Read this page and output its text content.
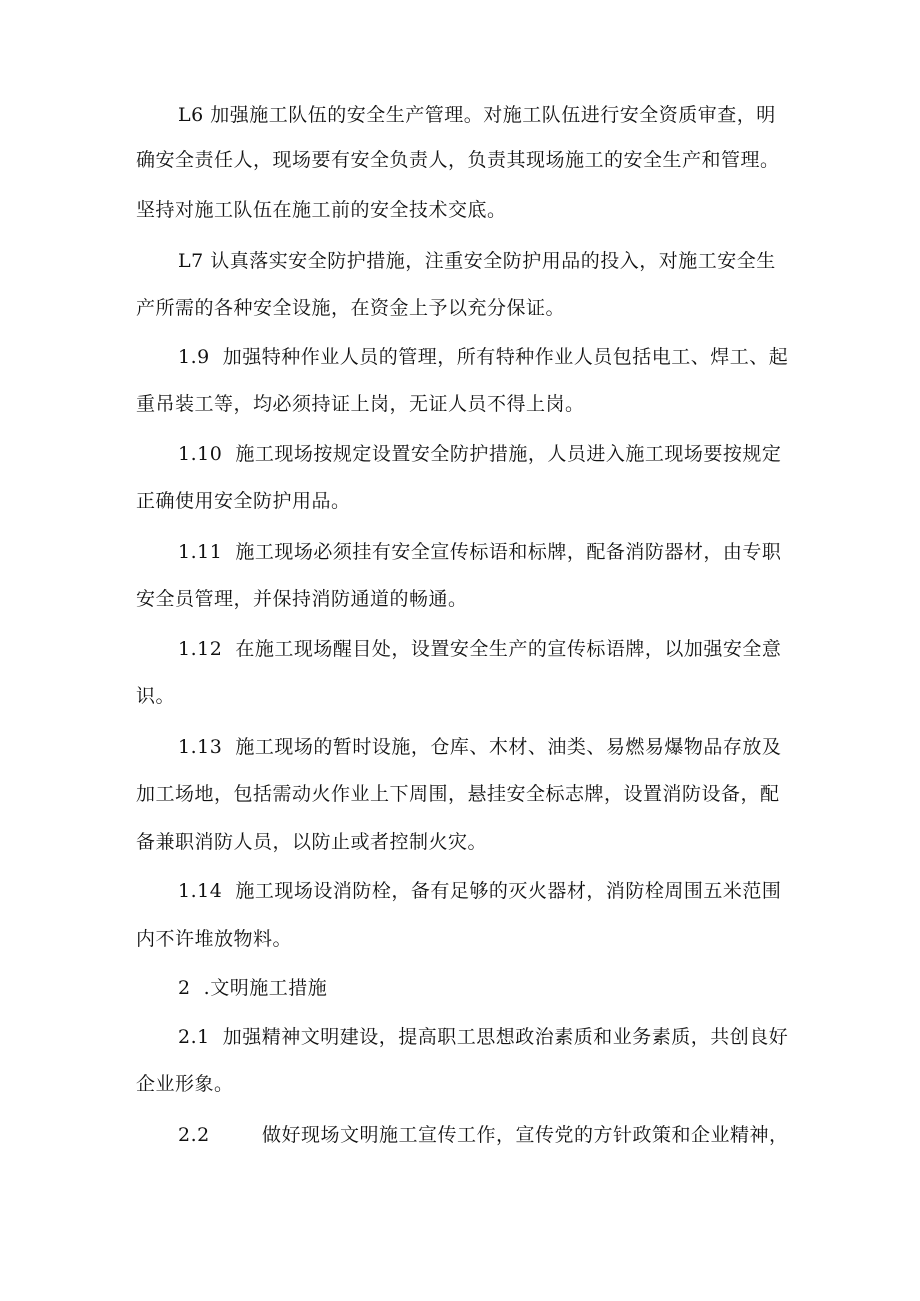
L6 加强施工队伍的安全生产管理。对施工队伍进行安全资质审查，明
确安全责任人，现场要有安全负责人，负责其现场施工的安全生产和管理。
坚持对施工队伍在施工前的安全技术交底。
L7 认真落实安全防护措施，注重安全防护用品的投入，对施工安全生
产所需的各种安全设施，在资金上予以充分保证。
1.9  加强特种作业人员的管理，所有特种作业人员包括电工、焊工、起
重吊装工等，均必须持证上岗，无证人员不得上岗。
1.10  施工现场按规定设置安全防护措施，人员进入施工现场要按规定
正确使用安全防护用品。
1.11  施工现场必须挂有安全宣传标语和标牌，配备消防器材，由专职
安全员管理，并保持消防通道的畅通。
1.12  在施工现场醒目处，设置安全生产的宣传标语牌，以加强安全意
识。
1.13  施工现场的暂时设施，仓库、木材、油类、易燃易爆物品存放及
加工场地，包括需动火作业上下周围，悬挂安全标志牌，设置消防设备，配
备兼职消防人员，以防止或者控制火灾。
1.14  施工现场设消防栓，备有足够的灭火器材，消防栓周围五米范围
内不许堆放物料。
2  .文明施工措施
2.1  加强精神文明建设，提高职工思想政治素质和业务素质，共创良好
企业形象。
2.2        做好现场文明施工宣传工作，宣传党的方针政策和企业精神，
